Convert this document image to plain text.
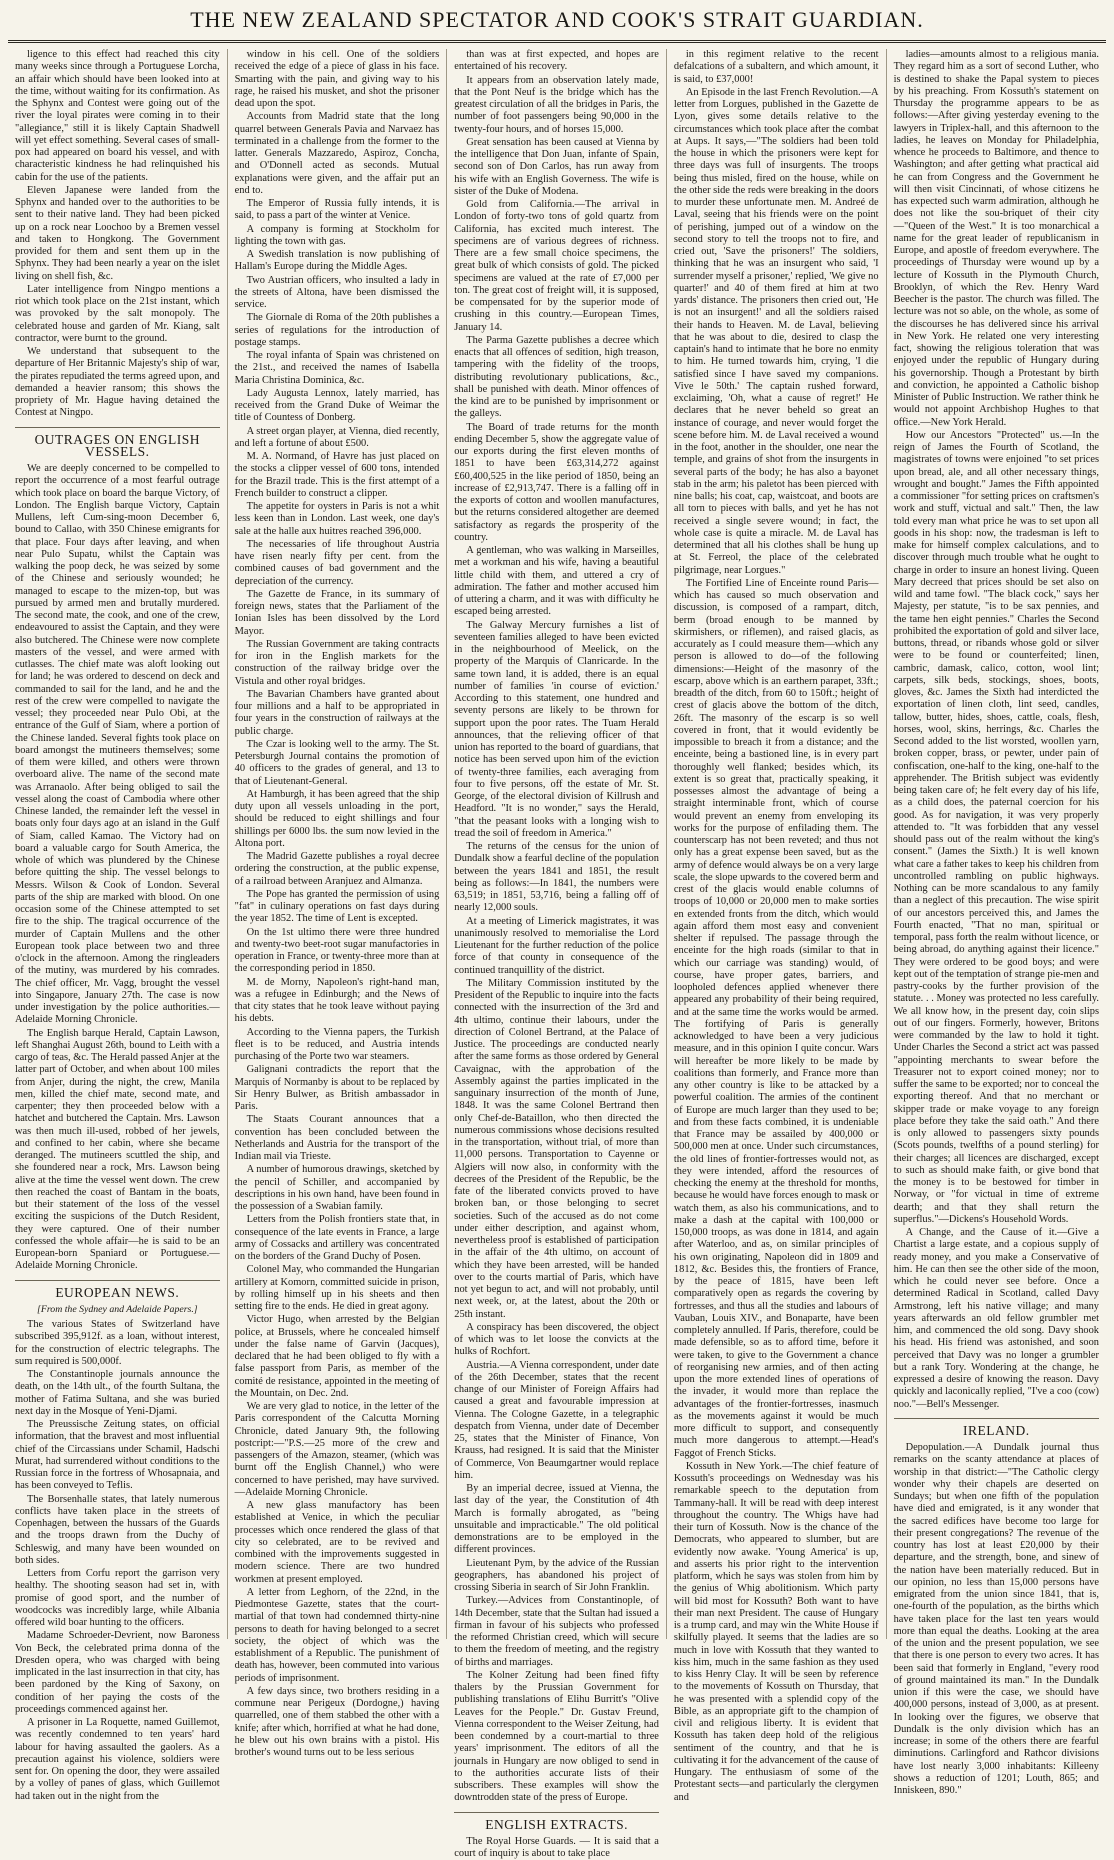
THE NEW ZEALAND SPECTATOR AND COOK'S STRAIT GUARDIAN.

ligence to this effect had reached this city many weeks since through a Portuguese Lorcha, an affair which should have been looked into at the time, without waiting for its confirmation. As the Sphynx and Contest were going out of the river the loyal pirates were coming in to their "allegiance," still it is likely Captain Shadwell will yet effect something. Several cases of small-pox had appeared on board his vessel, and with characteristic kindness he had relinquished his cabin for the use of the patients.

Eleven Japanese were landed from the Sphynx and handed over to the authorities to be sent to their native land. They had been picked up on a rock near Loochoo by a Bremen vessel and taken to Hongkong. The Government provided for them and sent them up in the Sphynx. They had been nearly a year on the islet living on shell fish, &c.

Later intelligence from Ningpo mentions a riot which took place on the 21st instant, which was provoked by the salt monopoly. The celebrated house and garden of Mr. Kiang, salt contractor, were burnt to the ground.

We understand that subsequent to the departure of Her Britannic Majesty's ship of war, the pirates repudiated the terms agreed upon, and demanded a heavier ransom; this shows the propriety of Mr. Hague having detained the Contest at Ningpo.

OUTRAGES ON ENGLISH VESSELS.

We are deeply concerned to be compelled to report the occurrence of a most fearful outrage which took place on board the barque Victory, of London. The English barque Victory, Captain Mullens, left Cum-sing-moon December 6, bound to Callao, with 350 Chinese emigrants for that place. Four days after leaving, and when near Pulo Supatu, whilst the Captain was walking the poop deck, he was seized by some of the Chinese and seriously wounded; he managed to escape to the mizen-top, but was pursued by armed men and brutally murdered. The second mate, the cook, and one of the crew, endeavoured to assist the Captain, and they were also butchered. The Chinese were now complete masters of the vessel, and were armed with cutlasses. The chief mate was aloft looking out for land; he was ordered to descend on deck and commanded to sail for the land, and he and the rest of the crew were compelled to navigate the vessel; they proceeded near Pulo Obi, at the entrance of the Gulf of Siam, where a portion of the Chinese landed. Several fights took place on board amongst the mutineers themselves; some of them were killed, and others were thrown overboard alive. The name of the second mate was Arranaolo. After being obliged to sail the vessel along the coast of Cambodia where other Chinese landed, the remainder left the vessel in boats only four days ago at an island in the Gulf of Siam, called Kamao. The Victory had on board a valuable cargo for South America, the whole of which was plundered by the Chinese before quitting the ship. The vessel belongs to Messrs. Wilson & Cook of London. Several parts of the ship are marked with blood. On one occasion some of the Chinese attempted to set fire to the ship. The tragical occurrence of the murder of Captain Mullens and the other European took place between two and three o'clock in the afternoon. Among the ringleaders of the mutiny, was murdered by his comrades. The chief officer, Mr. Vagg, brought the vessel into Singapore, January 27th. The case is now under investigation by the police authorities.—Adelaide Morning Chronicle.

The English barque Herald, Captain Lawson, left Shanghai August 26th, bound to Leith with a cargo of teas, &c. The Herald passed Anjer at the latter part of October, and when about 100 miles from Anjer, during the night, the crew, Manila men, killed the chief mate, second mate, and carpenter; they then proceeded below with a hatchet and butchered the Captain. Mrs. Lawson was then much ill-used, robbed of her jewels, and confined to her cabin, where she became deranged. The mutineers scuttled the ship, and she foundered near a rock, Mrs. Lawson being alive at the time the vessel went down. The crew then reached the coast of Bantam in the boats, but their statement of the loss of the vessel exciting the suspicions of the Dutch Resident, they were captured. One of their number confessed the whole affair—he is said to be an European-born Spaniard or Portuguese.—Adelaide Morning Chronicle.

EUROPEAN NEWS.
[From the Sydney and Adelaide Papers.]

The various States of Switzerland have subscribed 395,912f. as a loan, without interest, for the construction of electric telegraphs. The sum required is 500,000f.

The Constantinople journals announce the death, on the 14th ult., of the fourth Sultana, the mother of Fatima Sultana, and she was buried next day in the Mosque of Yeni-Djami.

The Preussische Zeitung states, on official information, that the bravest and most influential chief of the Circassians under Schamil, Hadschi Murat, had surrendered without conditions to the Russian force in the fortress of Whosapnaia, and has been conveyed to Teflis.

The Borsenhalle states, that lately numerous conflicts have taken place in the streets of Copenhagen, between the hussars of the Guards and the troops drawn from the Duchy of Schleswig, and many have been wounded on both sides.

Letters from Corfu report the garrison very healthy. The shooting season had set in, with promise of good sport, and the number of woodcocks was incredibly large, while Albania offered wild boar hunting to the officers.

Madame Schroeder-Devrient, now Baroness Von Beck, the celebrated prima donna of the Dresden opera, who was charged with being implicated in the last insurrection in that city, has been pardoned by the King of Saxony, on condition of her paying the costs of the proceedings commenced against her.

A prisoner in La Roquette, named Guillemot, was recently condemned to ten years' hard labour for having assaulted the gaolers. As a precaution against his violence, soldiers were sent for. On opening the door, they were assailed by a volley of panes of glass, which Guillemot had taken out in the night from the

window in his cell. One of the soldiers received the edge of a piece of glass in his face. Smarting with the pain, and giving way to his rage, he raised his musket, and shot the prisoner dead upon the spot.

Accounts from Madrid state that the long quarrel between Generals Pavia and Narvaez has terminated in a challenge from the former to the latter. Generals Mazzaredo, Aspiroz, Concha, and O'Donnell acted as seconds. Mutual explanations were given, and the affair put an end to.

The Emperor of Russia fully intends, it is said, to pass a part of the winter at Venice.

A company is forming at Stockholm for lighting the town with gas.

A Swedish translation is now publishing of Hallam's Europe during the Middle Ages.

Two Austrian officers, who insulted a lady in the streets of Altona, have been dismissed the service.

The Giornale di Roma of the 20th publishes a series of regulations for the introduction of postage stamps.

The royal infanta of Spain was christened on the 21st., and received the names of Isabella Maria Christina Dominica, &c.

Lady Augusta Lennox, lately married, has received from the Grand Duke of Weimar the title of Countess of Donberg.

A street organ player, at Vienna, died recently, and left a fortune of about £500.

M. A. Normand, of Havre has just placed on the stocks a clipper vessel of 600 tons, intended for the Brazil trade. This is the first attempt of a French builder to construct a clipper.

The appetite for oysters in Paris is not a whit less keen than in London. Last week, one day's sale at the halle aux huitres reached 396,000.

The necessaries of life throughout Austria have risen nearly fifty per cent. from the combined causes of bad government and the depreciation of the currency.

The Gazette de France, in its summary of foreign news, states that the Parliament of the Ionian Isles has been dissolved by the Lord Mayor.

The Russian Government are taking contracts for iron in the English markets for the construction of the railway bridge over the Vistula and other royal bridges.

The Bavarian Chambers have granted about four millions and a half to be appropriated in four years in the construction of railways at the public charge.

The Czar is looking well to the army. The St. Petersburgh Journal contains the promotion of 40 officers to the grades of general, and 13 to that of Lieutenant-General.

At Hamburgh, it has been agreed that the ship duty upon all vessels unloading in the port, should be reduced to eight shillings and four shillings per 6000 lbs. the sum now levied in the Altona port.

The Madrid Gazette publishes a royal decree ordering the construction, at the public expense, of a railroad between Aranjuez and Almanza.

The Pope has granted the permission of using "fat" in culinary operations on fast days during the year 1852. The time of Lent is excepted.

On the 1st ultimo there were three hundred and twenty-two beet-root sugar manufactories in operation in France, or twenty-three more than at the corresponding period in 1850.

M. de Morny, Napoleon's right-hand man, was a refugee in Edinburgh; and the News of that city states that he took leave without paying his debts.

According to the Vienna papers, the Turkish fleet is to be reduced, and Austria intends purchasing of the Porte two war steamers.

Galignani contradicts the report that the Marquis of Normanby is about to be replaced by Sir Henry Bulwer, as British ambassador in Paris.

The Staats Courant announces that a convention has been concluded between the Netherlands and Austria for the transport of the Indian mail via Trieste.

A number of humorous drawings, sketched by the pencil of Schiller, and accompanied by descriptions in his own hand, have been found in the possession of a Swabian family.

Letters from the Polish frontiers state that, in consequence of the late events in France, a large army of Cossacks and artillery was concentrated on the borders of the Grand Duchy of Posen.

Colonel May, who commanded the Hungarian artillery at Komorn, committed suicide in prison, by rolling himself up in his sheets and then setting fire to the ends. He died in great agony.

Victor Hugo, when arrested by the Belgian police, at Brussels, where he concealed himself under the false name of Garvin (Jacques), declared that he had been obliged to fly with a false passport from Paris, as member of the comité de resistance, appointed in the meeting of the Mountain, on Dec. 2nd.

We are very glad to notice, in the letter of the Paris correspondent of the Calcutta Morning Chronicle, dated January 9th, the following postcript:—"P.S.—25 more of the crew and passengers of the Amazon, steamer, (which was burnt off the English Channel,) who were concerned to have perished, may have survived.—Adelaide Morning Chronicle.

A new glass manufactory has been established at Venice, in which the peculiar processes which once rendered the glass of that city so celebrated, are to be revived and combined with the improvements suggested in modern science. There are two hundred workmen at present employed.

A letter from Leghorn, of the 22nd, in the Piedmontese Gazette, states that the court-martial of that town had condemned thirty-nine persons to death for having belonged to a secret society, the object of which was the establishment of a Republic. The punishment of death has, however, been commuted into various periods of imprisonment.

A few days since, two brothers residing in a commune near Perigeux (Dordogne,) having quarrelled, one of them stabbed the other with a knife; after which, horrified at what he had done, he blew out his own brains with a pistol. His brother's wound turns out to be less serious

than was at first expected, and hopes are entertained of his recovery.

It appears from an observation lately made, that the Pont Neuf is the bridge which has the greatest circulation of all the bridges in Paris, the number of foot passengers being 90,000 in the twenty-four hours, and of horses 15,000.

Great sensation has been caused at Vienna by the intelligence that Don Juan, infante of Spain, second son of Don Carlos, has run away from his wife with an English Governess. The wife is sister of the Duke of Modena.

Gold from California.—The arrival in London of forty-two tons of gold quartz from California, has excited much interest. The specimens are of various degrees of richness. There are a few small choice specimens, the great bulk of which consists of gold. The picked specimens are valued at the rate of £7,000 per ton. The great cost of freight will, it is supposed, be compensated for by the superior mode of crushing in this country.—European Times, January 14.

The Parma Gazette publishes a decree which enacts that all offences of sedition, high treason, tampering with the fidelity of the troops, distributing revolutionary publications, &c., shall be punished with death. Minor offences of the kind are to be punished by imprisonment or the galleys.

The Board of trade returns for the month ending December 5, show the aggregate value of our exports during the first eleven months of 1851 to have been £63,314,272 against £60,400,525 in the like period of 1850, being an increase of £2,913,747. There is a falling off in the exports of cotton and woollen manufactures, but the returns considered altogether are deemed satisfactory as regards the prosperity of the country.

A gentleman, who was walking in Marseilles, met a workman and his wife, having a beautiful little child with them, and uttered a cry of admiration. The father and mother accused him of uttering a charm, and it was with difficulty he escaped being arrested.

The Galway Mercury furnishes a list of seventeen families alleged to have been evicted in the neighbourhood of Meelick, on the property of the Marquis of Clanricarde. In the same town land, it is added, there is an equal number of families 'in course of eviction.' According to this statement, one hundred and seventy persons are likely to be thrown for support upon the poor rates. The Tuam Herald announces, that the relieving officer of that union has reported to the board of guardians, that notice has been served upon him of the eviction of twenty-three families, each averaging from four to five persons, off the estate of Mr. St. George, of the electoral division of Killrush and Headford. "It is no wonder," says the Herald, "that the peasant looks with a longing wish to tread the soil of freedom in America."

The returns of the census for the union of Dundalk show a fearful decline of the population between the years 1841 and 1851, the result being as follows:—In 1841, the numbers were 63,519; in 1851, 53,716, being a falling off of nearly 12,000 souls.

At a meeting of Limerick magistrates, it was unanimously resolved to memorialise the Lord Lieutenant for the further reduction of the police force of that county in consequence of the continued tranquillity of the district.

The Military Commission instituted by the President of the Republic to inquire into the facts connected with the insurrection of the 3rd and 4th ultimo, continue their labours, under the direction of Colonel Bertrand, at the Palace of Justice. The proceedings are conducted nearly after the same forms as those ordered by General Cavaignac, with the approbation of the Assembly against the parties implicated in the sanguinary insurrection of the month of June, 1848. It was the same Colonel Bertrand then only Chef-de-Bataillon, who then directed the numerous commissions whose decisions resulted in the transportation, without trial, of more than 11,000 persons. Transportation to Cayenne or Algiers will now also, in conformity with the decrees of the President of the Republic, be the fate of the liberated convicts proved to have broken ban, or those belonging to secret societies. Such of the accused as do not come under either description, and against whom, nevertheless proof is established of participation in the affair of the 4th ultimo, on account of which they have been arrested, will be handed over to the courts martial of Paris, which have not yet begun to act, and will not probably, until next week, or, at the latest, about the 20th or 25th instant.

A conspiracy has been discovered, the object of which was to let loose the convicts at the hulks of Rochfort.

Austria.—A Vienna correspondent, under date of the 26th December, states that the recent change of our Minister of Foreign Affairs had caused a great and favourable impression at Vienna. The Cologne Gazette, in a telegraphic despatch from Vienna, under date of December 25, states that the Minister of Finance, Von Krauss, had resigned. It is said that the Minister of Commerce, Von Beaumgartner would replace him.

By an imperial decree, issued at Vienna, the last day of the year, the Constitution of 4th March is formally abrogated, as "being unsuitable and impracticable." The old political demonstrations are to be employed in the different provinces.

Lieutenant Pym, by the advice of the Russian geographers, has abandoned his project of crossing Siberia in search of Sir John Franklin.

Turkey.—Advices from Constantinople, of 14th December, state that the Sultan had issued a firman in favour of his subjects who professed the reformed Christian creed, which will secure to them the freedom of meeting, and the registry of births and marriages.

The Kolner Zeitung had been fined fifty thalers by the Prussian Government for publishing translations of Elihu Burritt's "Olive Leaves for the People." Dr. Gustav Freund, Vienna correspondent to the Weiser Zeitung, had been condemned by a court-martial to three years' imprisonment. The editors of all the journals in Hungary are now obliged to send in to the authorities accurate lists of their subscribers. These examples will show the downtrodden state of the press of Europe.

ENGLISH EXTRACTS.

The Royal Horse Guards. — It is said that a court of inquiry is about to take place

in this regiment relative to the recent defalcations of a subaltern, and which amount, it is said, to £37,000!

An Episode in the last French Revolution.—A letter from Lorgues, published in the Gazette de Lyon, gives some details relative to the circumstances which took place after the combat at Aups. It says,—"The soldiers had been told the house in which the prisoners were kept for three days was full of insurgents. The troops being thus misled, fired on the house, while on the other side the reds were breaking in the doors to murder these unfortunate men. M. Andreé de Laval, seeing that his friends were on the point of perishing, jumped out of a window on the second story to tell the troops not to fire, and cried out, 'Save the prisoners!' The soldiers, thinking that he was an insurgent who said, 'I surrender myself a prisoner,' replied, 'We give no quarter!' and 40 of them fired at him at two yards' distance. The prisoners then cried out, 'He is not an insurgent!' and all the soldiers raised their hands to Heaven. M. de Laval, believing that he was about to die, desired to clasp the captain's hand to intimate that he bore no enmity to him. He turned towards him, crying, 'I die satisfied since I have saved my companions. Vive le 50th.' The captain rushed forward, exclaiming, 'Oh, what a cause of regret!' He declares that he never beheld so great an instance of courage, and never would forget the scene before him. M. de Laval received a wound in the foot, another in the shoulder, one near the temple, and grains of shot from the insurgents in several parts of the body; he has also a bayonet stab in the arm; his paletot has been pierced with nine balls; his coat, cap, waistcoat, and boots are all torn to pieces with balls, and yet he has not received a single severe wound; in fact, the whole case is quite a miracle. M. de Laval has determined that all his clothes shall be hung up at St. Ferreol, the place of the celebrated pilgrimage, near Lorgues."

The Fortified Line of Enceinte round Paris—which has caused so much observation and discussion, is composed of a rampart, ditch, berm (broad enough to be manned by skirmishers, or riflemen), and raised glacis, as accurately as I could measure them—which any person is allowed to do—of the following dimensions:—Height of the masonry of the escarp, above which is an earthern parapet, 33ft.; breadth of the ditch, from 60 to 150ft.; height of crest of glacis above the bottom of the ditch, 26ft. The masonry of the escarp is so well covered in front, that it would evidently be impossible to breach it from a distance; and the enceinte, being a bastioned line, is in every part thoroughly well flanked; besides which, its extent is so great that, practically speaking, it possesses almost the advantage of being a straight interminable front, which of course would prevent an enemy from enveloping its works for the purpose of enfilading them. The counterscarp has not been reveted; and thus not only has a great expense been saved, but as the army of defence would always be on a very large scale, the slope upwards to the covered berm and crest of the glacis would enable columns of troops of 10,000 or 20,000 men to make sorties en extended fronts from the ditch, which would again afford them most easy and convenient shelter if repulsed. The passage through the enceinte for the high roads (similar to that in which our carriage was standing) would, of course, have proper gates, barriers, and loopholed defences applied whenever there appeared any probability of their being required, and at the same time the works would be armed. The fortifying of Paris is generally acknowledged to have been a very judicious measure, and in this opinion I quite concur. Wars will hereafter be more likely to be made by coalitions than formerly, and France more than any other country is like to be attacked by a powerful coalition. The armies of the continent of Europe are much larger than they used to be; and from these facts combined, it is undeniable that France may be assailed by 400,000 or 500,000 men at once. Under such circumstances, the old lines of frontier-fortresses would not, as they were intended, afford the resources of checking the enemy at the threshold for months, because he would have forces enough to mask or watch them, as also his communications, and to make a dash at the capital with 100,000 or 150,000 troops, as was done in 1814, and again after Waterloo, and as, on similar principles of his own originating, Napoleon did in 1809 and 1812, &c. Besides this, the frontiers of France, by the peace of 1815, have been left comparatively open as regards the covering by fortresses, and thus all the studies and labours of Vauban, Louis XIV., and Bonaparte, have been completely annulled. If Paris, therefore, could be made defensible, so as to afford time, before it were taken, to give to the Government a chance of reorganising new armies, and of then acting upon the more extended lines of operations of the invader, it would more than replace the advantages of the frontier-fortresses, inasmuch as the movements against it would be much more difficult to support, and consequently much more dangerous to attempt.—Head's Faggot of French Sticks.

Kossuth in New York.—The chief feature of Kossuth's proceedings on Wednesday was his remarkable speech to the deputation from Tammany-hall. It will be read with deep interest throughout the country. The Whigs have had their turn of Kossuth. Now is the chance of the Democrats, who appeared to slumber, but are evidently now awake. 'Young America' is up, and asserts his prior right to the intervention platform, which he says was stolen from him by the genius of Whig abolitionism. Which party will bid most for Kossuth? Both want to have their man next President. The cause of Hungary is a trump card, and may win the White House if skilfully played. It seems that the ladies are so much in love with Kossuth that they wanted to kiss him, much in the same fashion as they used to kiss Henry Clay. It will be seen by reference to the movements of Kossuth on Thursday, that he was presented with a splendid copy of the Bible, as an appropriate gift to the champion of civil and religious liberty. It is evident that Kossuth has taken deep hold of the religious sentiment of the country, and that he is cultivating it for the advancement of the cause of Hungary. The enthusiasm of some of the Protestant sects—and particularly the clergymen and

ladies—amounts almost to a religious mania. They regard him as a sort of second Luther, who is destined to shake the Papal system to pieces by his preaching. From Kossuth's statement on Thursday the programme appears to be as follows:—After giving yesterday evening to the lawyers in Triplex-hall, and this afternoon to the ladies, he leaves on Monday for Philadelphia, whence he proceeds to Baltimore, and thence to Washington; and after getting what practical aid he can from Congress and the Government he will then visit Cincinnati, of whose citizens he has expected such warm admiration, although he does not like the sou-briquet of their city—"Queen of the West." It is too monarchical a name for the great leader of republicanism in Europe, and apostle of freedom everywhere. The proceedings of Thursday were wound up by a lecture of Kossuth in the Plymouth Church, Brooklyn, of which the Rev. Henry Ward Beecher is the pastor. The church was filled. The lecture was not so able, on the whole, as some of the discourses he has delivered since his arrival in New York. He related one very interesting fact, showing the religious toleration that was enjoyed under the republic of Hungary during his governorship. Though a Protestant by birth and conviction, he appointed a Catholic bishop Minister of Public Instruction. We rather think he would not appoint Archbishop Hughes to that office.—New York Herald.

How our Ancestors "Protected" us.—In the reign of James the Fourth of Scotland, the magistrates of towns were enjoined "to set prices upon bread, ale, and all other necessary things, wrought and bought." James the Fifth appointed a commissioner "for setting prices on craftsmen's work and stuff, victual and salt." Then, the law told every man what price he was to set upon all goods in his shop: now, the tradesman is left to make for himself complex calculations, and to discover through much trouble what he ought to charge in order to insure an honest living. Queen Mary decreed that prices should be set also on wild and tame fowl. "The black cock," says her Majesty, per statute, "is to be sax pennies, and the tame hen eight pennies." Charles the Second prohibited the exportation of gold and silver lace, buttons, thread, or ribands whose gold or silver were to be found or counterfeited; linen, cambric, damask, calico, cotton, wool lint; carpets, silk beds, stockings, shoes, boots, gloves, &c. James the Sixth had interdicted the exportation of linen cloth, lint seed, candles, tallow, butter, hides, shoes, cattle, coals, flesh, horses, wool, skins, herrings, &c. Charles the Second added to the list worsted, woollen yarn, broken copper, brass, or pewter, under pain of confiscation, one-half to the king, one-half to the apprehender. The British subject was evidently being taken care of; he felt every day of his life, as a child does, the paternal coercion for his good. As for navigation, it was very properly attended to. "It was forbidden that any vessel should pass out of the realm without the king's consent." (James the Sixth.) It is well known what care a father takes to keep his children from uncontrolled rambling on public highways. Nothing can be more scandalous to any family than a neglect of this precaution. The wise spirit of our ancestors perceived this, and James the Fourth enacted, "That no man, spiritual or temporal, pass forth the realm without licence, or being abroad, do anything against their licence." They were ordered to be good boys; and were kept out of the temptation of strange pie-men and pastry-cooks by the further provision of the statute. . . Money was protected no less carefully. We all know how, in the present day, coin slips out of our fingers. Formerly, however, Britons were commanded by the law to hold it tight. Under Charles the Second a strict act was passed "appointing merchants to swear before the Treasurer not to export coined money; nor to suffer the same to be exported; nor to conceal the exporting thereof. And that no merchant or skipper trade or make voyage to any foreign place before they take the said oath." And there is only allowed to passengers sixty pounds (Scots pounds, twelfths of a pound sterling) for their charges; all licences are discharged, except to such as should make faith, or give bond that the money is to be bestowed for timber in Norway, or "for victual in time of extreme dearth; and that they shall return the superflus."—Dickens's Household Words.

A Change, and the Cause of it.—Give a Chartist a large estate, and a copious supply of ready money, and you make a Conservative of him. He can then see the other side of the moon, which he could never see before. Once a determined Radical in Scotland, called Davy Armstrong, left his native village; and many years afterwards an old fellow grumbler met him, and commenced the old song. Davy shook his head. His friend was astonished, and soon perceived that Davy was no longer a grumbler but a rank Tory. Wondering at the change, he expressed a desire of knowing the reason. Davy quickly and laconically replied, "I've a coo (cow) noo."—Bell's Messenger.

IRELAND.

Depopulation.—A Dundalk journal thus remarks on the scanty attendance at places of worship in that district:—"The Catholic clergy wonder why their chapels are deserted on Sundays; but when one fifth of the population have died and emigrated, is it any wonder that the sacred edifices have become too large for their present congregations? The revenue of the country has lost at least £20,000 by their departure, and the strength, bone, and sinew of the nation have been materially reduced. But in our opinion, no less than 15,000 persons have emigrated from the union since 1841, that is, one-fourth of the population, as the births which have taken place for the last ten years would more than equal the deaths. Looking at the area of the union and the present population, we see that there is one person to every two acres. It has been said that formerly in England, "every rood of ground maintained its man." In the Dundalk union if this were the case, we should have 400,000 persons, instead of 3,000, as at present. In looking over the figures, we observe that Dundalk is the only division which has an increase; in some of the others there are fearful diminutions. Carlingford and Rathcor divisions have lost nearly 3,000 inhabitants: Killeeny shows a reduction of 1201; Louth, 865; and Inniskeen, 890."
